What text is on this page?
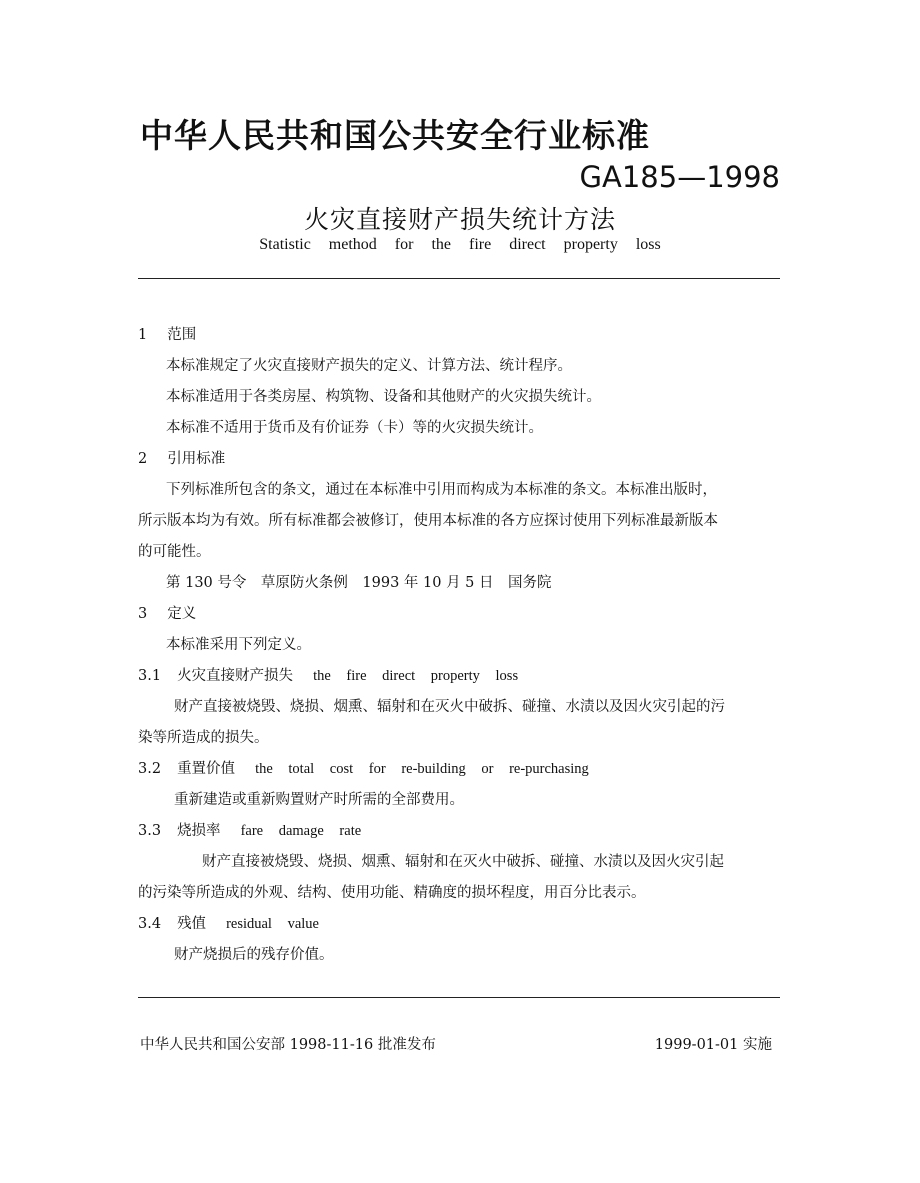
中华人民共和国公共安全行业标准
GA185—1998
火灾直接财产损失统计方法
Statistic method for the fire direct property loss
1 范围
本标准规定了火灾直接财产损失的定义、计算方法、统计程序。
本标准适用于各类房屋、构筑物、设备和其他财产的火灾损失统计。
本标准不适用于货币及有价证券（卡）等的火灾损失统计。
2 引用标准
下列标准所包含的条文，通过在本标准中引用而构成为本标准的条文。本标准出版时，
所示版本均为有效。所有标准都会被修订，使用本标准的各方应探讨使用下列标准最新版本
的可能性。
第 130 号令　草原防火条例　1993 年 10 月 5 日　国务院
3 定义
本标准采用下列定义。
3.1 火灾直接财产损失 the fire direct property loss
财产直接被烧毁、烧损、烟熏、辐射和在灭火中破拆、碰撞、水渍以及因火灾引起的污
染等所造成的损失。
3.2 重置价值 the total cost for re-building or re-purchasing
重新建造或重新购置财产时所需的全部费用。
3.3 烧损率 fare damage rate
财产直接被烧毁、烧损、烟熏、辐射和在灭火中破拆、碰撞、水渍以及因火灾引起
的污染等所造成的外观、结构、使用功能、精确度的损坏程度，用百分比表示。
3.4 残值 residual value
财产烧损后的残存价值。
中华人民共和国公安部 1998-11-16 批准发布	1999-01-01 实施
